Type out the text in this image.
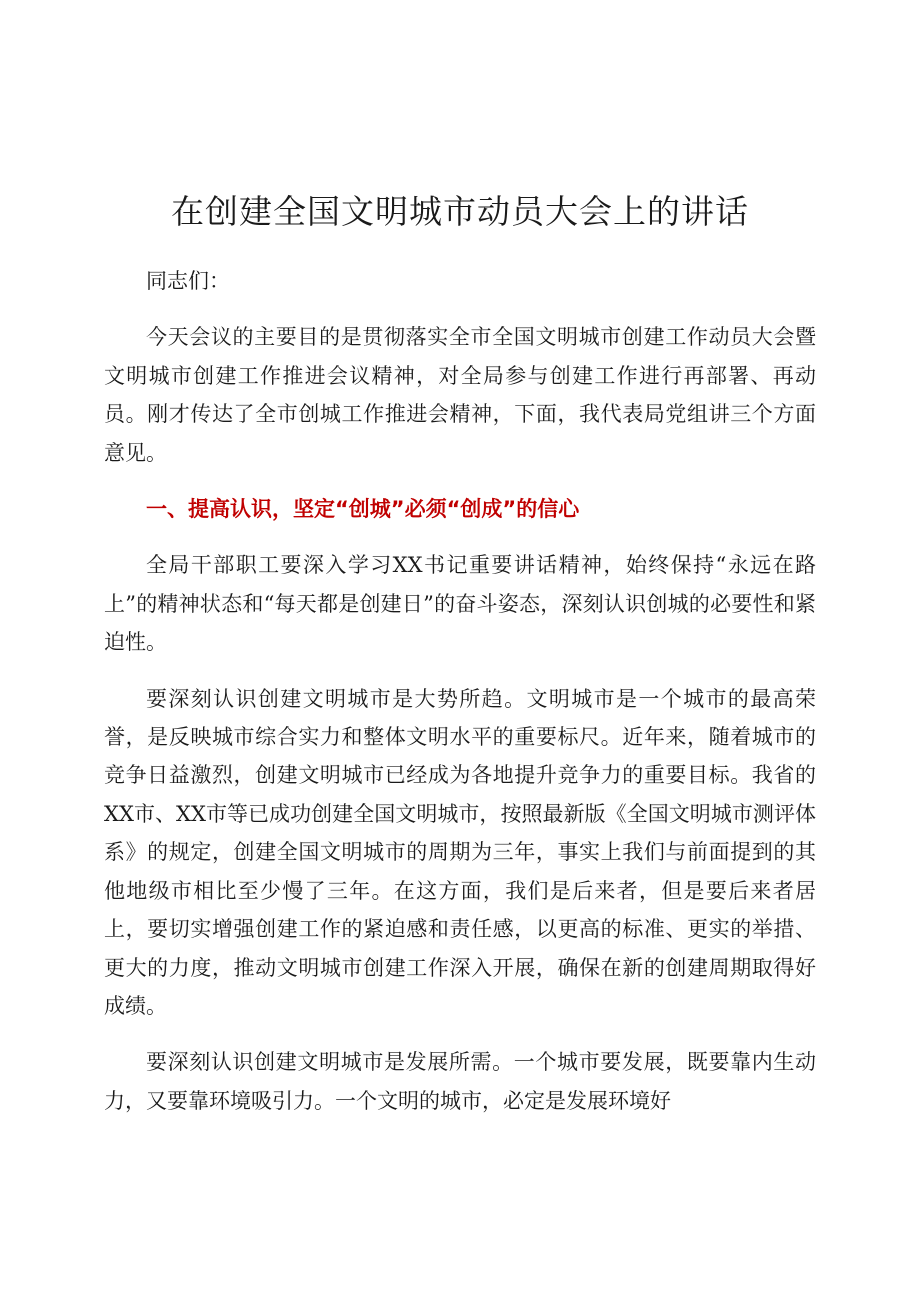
在创建全国文明城市动员大会上的讲话

同志们：

今天会议的主要目的是贯彻落实全市全国文明城市创建工作动员大会暨文明城市创建工作推进会议精神，对全局参与创建工作进行再部署、再动员。刚才传达了全市创城工作推进会精神，下面，我代表局党组讲三个方面意见。

一、提高认识，坚定“创城”必须“创成”的信心

全局干部职工要深入学习XX书记重要讲话精神，始终保持“永远在路上”的精神状态和“每天都是创建日”的奋斗姿态，深刻认识创城的必要性和紧迫性。

要深刻认识创建文明城市是大势所趋。文明城市是一个城市的最高荣誉，是反映城市综合实力和整体文明水平的重要标尺。近年来，随着城市的竞争日益激烈，创建文明城市已经成为各地提升竞争力的重要目标。我省的XX市、XX市等已成功创建全国文明城市，按照最新版《全国文明城市测评体系》的规定，创建全国文明城市的周期为三年，事实上我们与前面提到的其他地级市相比至少慢了三年。在这方面，我们是后来者，但是要后来者居上，要切实增强创建工作的紧迫感和责任感，以更高的标准、更实的举措、更大的力度，推动文明城市创建工作深入开展，确保在新的创建周期取得好成绩。

要深刻认识创建文明城市是发展所需。一个城市要发展，既要靠内生动力，又要靠环境吸引力。一个文明的城市，必定是发展环境好
